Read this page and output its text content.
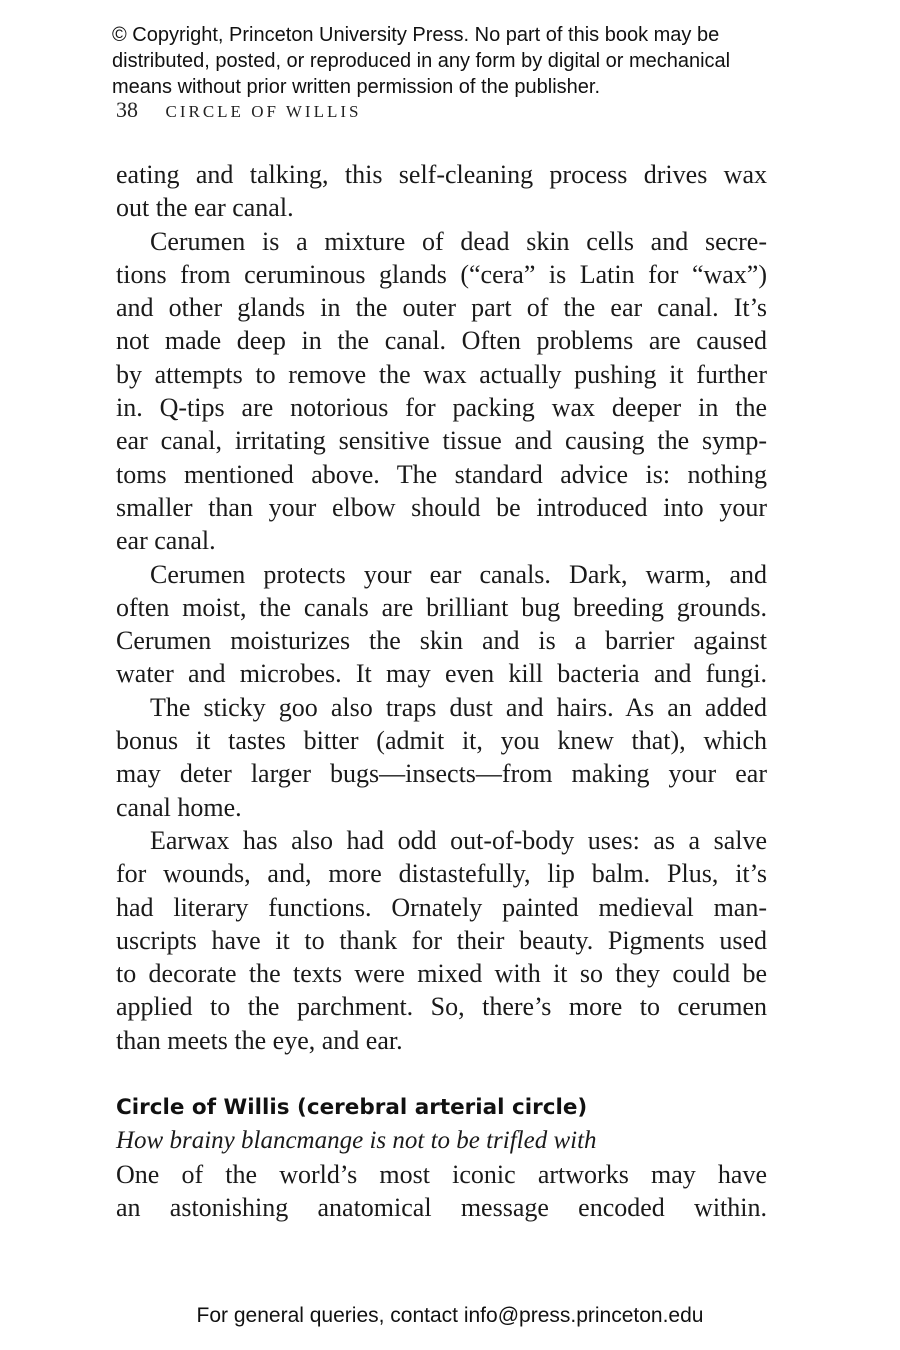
© Copyright, Princeton University Press. No part of this book may be

distributed, posted, or reproduced in any form by digital or mechanical

means without prior written permission of the publisher.

38 CIRCLE OF WILLIS
eating and talking, this self-cleaning process drives wax
out the ear canal.
Cerumen is a mixture of dead skin cells and secre-
tions from ceruminous glands (“cera” is Latin for “wax”)
and other glands in the outer part of the ear canal. It’s
not made deep in the canal. Often problems are caused
by attempts to remove the wax actually pushing it further
in. Q-tips are notorious for packing wax deeper in the
ear canal, irritating sensitive tissue and causing the symp-
toms mentioned above. The standard advice is: nothing
smaller than your elbow should be introduced into your
ear canal.
Cerumen protects your ear canals. Dark, warm, and
often moist, the canals are brilliant bug breeding grounds.
Cerumen moisturizes the skin and is a barrier against
water and microbes. It may even kill bacteria and fungi.
The sticky goo also traps dust and hairs. As an added
bonus it tastes bitter (admit it, you knew that), which
may deter larger bugs—insects—from making your ear
canal home.
Earwax has also had odd out-of-body uses: as a salve
for wounds, and, more distastefully, lip balm. Plus, it’s
had literary functions. Ornately painted medieval man-
uscripts have it to thank for their beauty. Pigments used
to decorate the texts were mixed with it so they could be
applied to the parchment. So, there’s more to cerumen
than meets the eye, and ear.
Circle of Willis (cerebral arterial circle)
How brainy blancmange is not to be trifled with
One of the world’s most iconic artworks may have
an astonishing anatomical message encoded within.
For general queries, contact info@press.princeton.edu
